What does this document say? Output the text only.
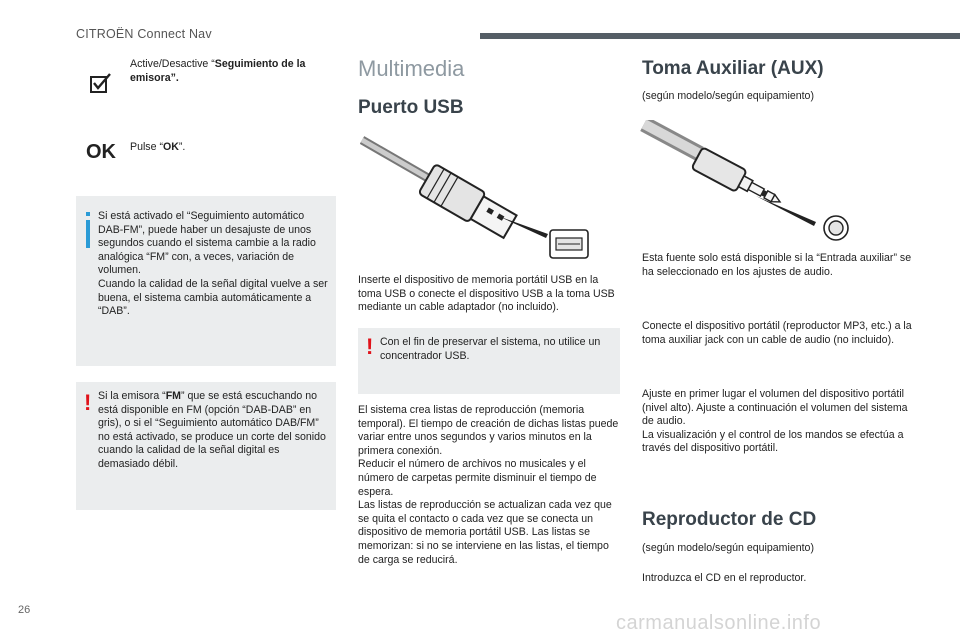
CITROËN Connect Nav
Active/Desactive “Seguimiento de la emisora”.
OK Pulse “OK”.

Si está activado el “Seguimiento automático DAB-FM”, puede haber un desajuste de unos segundos cuando el sistema cambie a la radio analógica “FM” con, a veces, variación de volumen.
Cuando la calidad de la señal digital vuelve a ser buena, el sistema cambia automáticamente a “DAB”.
! Si la emisora “FM” que se está escuchando no está disponible en FM (opción “DAB-DAB” en gris), o si el “Seguimiento automático DAB/FM” no está activado, se produce un corte del sonido cuando la calidad de la señal digital es demasiado débil.
Multimedia
Puerto USB
Inserte el dispositivo de memoria portátil USB en la toma USB o conecte el dispositivo USB a la toma USB mediante un cable adaptador (no incluido).
! Con el fin de preservar el sistema, no utilice un concentrador USB.
El sistema crea listas de reproducción (memoria temporal). El tiempo de creación de dichas listas puede variar entre unos segundos y varios minutos en la primera conexión.
Reducir el número de archivos no musicales y el número de carpetas permite disminuir el tiempo de espera.
Las listas de reproducción se actualizan cada vez que se quita el contacto o cada vez que se conecta un dispositivo de memoria portátil USB. Las listas se memorizan: si no se interviene en las listas, el tiempo de carga se reducirá.
Toma Auxiliar (AUX)
(según modelo/según equipamiento)
Esta fuente solo está disponible si la “Entrada auxiliar” se ha seleccionado en los ajustes de audio.
Conecte el dispositivo portátil (reproductor MP3, etc.) a la toma auxiliar jack con un cable de audio (no incluido).
Ajuste en primer lugar el volumen del dispositivo portátil (nivel alto). Ajuste a continuación el volumen del sistema de audio.
La visualización y el control de los mandos se efectúa a través del dispositivo portátil.
Reproductor de CD
(según modelo/según equipamiento)
Introduzca el CD en el reproductor.
26
carmanualsonline.info
